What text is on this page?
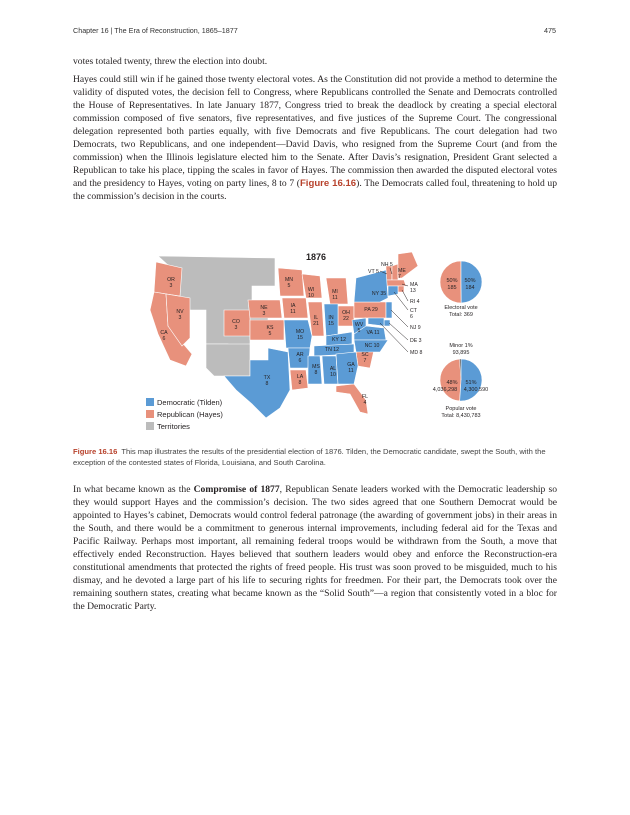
Chapter 16 | The Era of Reconstruction, 1865–1877	475
votes totaled twenty, threw the election into doubt.
Hayes could still win if he gained those twenty electoral votes. As the Constitution did not provide a method to determine the validity of disputed votes, the decision fell to Congress, where Republicans controlled the Senate and Democrats controlled the House of Representatives. In late January 1877, Congress tried to break the deadlock by creating a special electoral commission composed of five senators, five representatives, and five justices of the Supreme Court. The congressional delegation represented both parties equally, with five Democrats and five Republicans. The court delegation had two Democrats, two Republicans, and one independent—David Davis, who resigned from the Supreme Court (and from the commission) when the Illinois legislature elected him to the Senate. After Davis’s resignation, President Grant selected a Republican to take his place, tipping the scales in favor of Hayes. The commission then awarded the disputed electoral votes and the presidency to Hayes, voting on party lines, 8 to 7 (Figure 16.16). The Democrats called foul, threatening to hold up the commission’s decision in the courts.
1876
OR 3
CA 6
NV 3
CO 3
NE 3
KS 5
MN 5
IA 11
WI 10
MI 11
IL 21
IN 15
OH 22
PA 29
NY 35
MO 15	KY 12
WV 5	VA 11
NC 10
TN 12
AR 6
LA 8
MS 8
AL 10
GA 11
SC 7
FL 4
TX 8
NH 5
VT 5	ME 7
MA 13
RI 4
CT 6
NJ 9
DE 3
MD 8
Democratic (Tilden)
Republican (Hayes)
Territories
50%
185
50%
184
Electoral vote Total: 369
Minor 1% 93,895
48%
4,036,298
51%
4,300,590
Popular vote Total: 8,430,783
Figure 16.16 This map illustrates the results of the presidential election of 1876. Tilden, the Democratic candidate, swept the South, with the exception of the contested states of Florida, Louisiana, and South Carolina.
In what became known as the Compromise of 1877, Republican Senate leaders worked with the Democratic leadership so they would support Hayes and the commission’s decision. The two sides agreed that one Southern Democrat would be appointed to Hayes’s cabinet, Democrats would control federal patronage (the awarding of government jobs) in their areas in the South, and there would be a commitment to generous internal improvements, including federal aid for the Texas and Pacific Railway. Perhaps most important, all remaining federal troops would be withdrawn from the South, a move that effectively ended Reconstruction. Hayes believed that southern leaders would obey and enforce the Reconstruction-era constitutional amendments that protected the rights of freed people. His trust was soon proved to be misguided, much to his dismay, and he devoted a large part of his life to securing rights for freedmen. For their part, the Democrats took over the remaining southern states, creating what became known as the “Solid South”—a region that consistently voted in a bloc for the Democratic Party.
